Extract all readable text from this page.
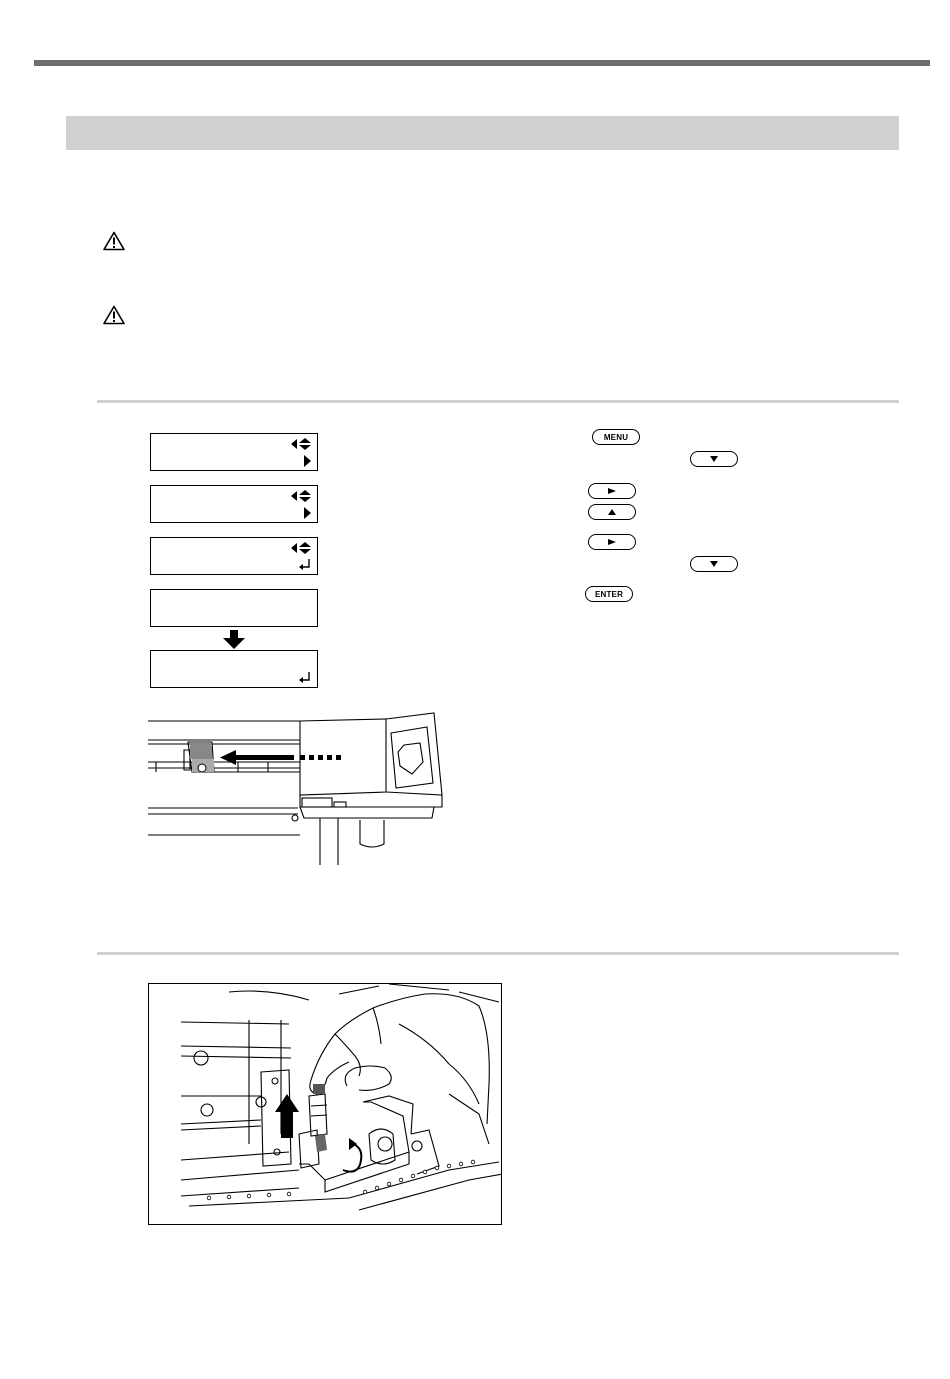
MENU
ENTER
